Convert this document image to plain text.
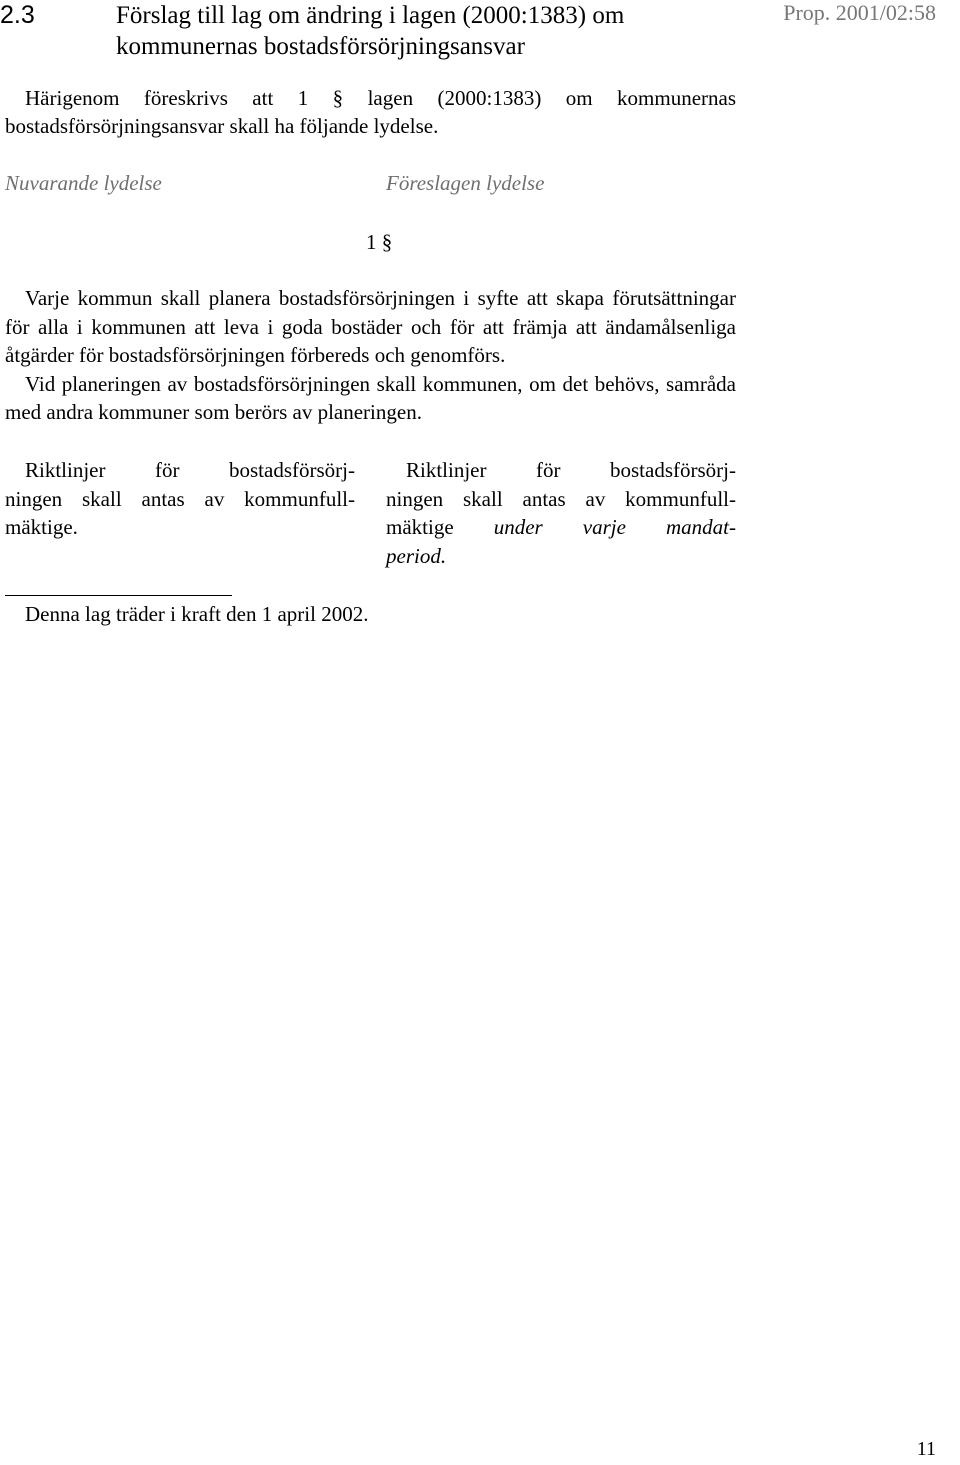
2.3	Förslag till lag om ändring i lagen (2000:1383) om kommunernas bostadsförsörjningsansvar
Prop. 2001/02:58

Härigenom föreskrivs att 1 § lagen (2000:1383) om kommunernas

bostadsförsörjningsansvar skall ha följande lydelse.

Nuvarande lydelse	Föreslagen lydelse
1 §

Varje kommun skall planera bostadsförsörjningen i syfte att skapa förutsättningar för alla i kommunen att leva i goda bostäder och för att främja att ändamålsenliga åtgärder för bostadsförsörjningen förbereds och genomförs.

Vid planeringen av bostadsförsörjningen skall kommunen, om det behövs, samråda med andra kommuner som berörs av planeringen.

Riktlinjer för bostadsförsörj-
ningen skall antas av kommunfull-
mäktige.

Riktlinjer för bostadsförsörj-
ningen skall antas av kommunfull-
mäktige under varje mandat-
period.

Denna lag träder i kraft den 1 april 2002.
11
